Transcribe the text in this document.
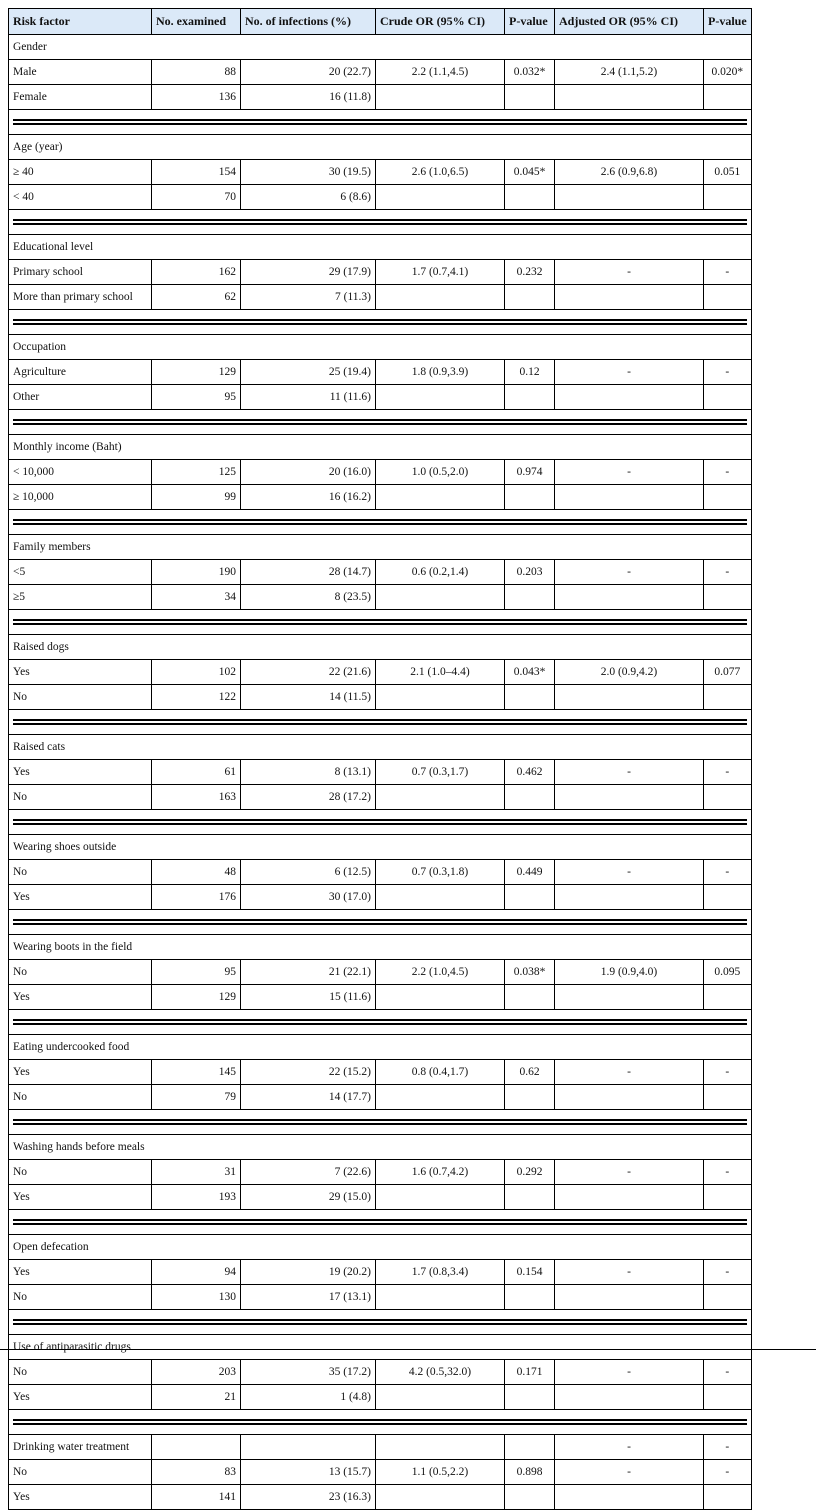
Risk factor	No. examined	No. of infections (%)	Crude OR (95% CI)	P-value	Adjusted OR (95% CI)	P-value
Gender						
Male	88	20 (22.7)	2.2 (1.1,4.5)	0.032*	2.4 (1.1,5.2)	0.020*
Female	136	16 (11.8)				

Age (year)						
≥ 40	154	30 (19.5)	2.6 (1.0,6.5)	0.045*	2.6 (0.9,6.8)	0.051
< 40	70	6 (8.6)				

Educational level						
Primary school	162	29 (17.9)	1.7 (0.7,4.1)	0.232	-	-
More than primary school	62	7 (11.3)				

Occupation						
Agriculture	129	25 (19.4)	1.8 (0.9,3.9)	0.12	-	-
Other	95	11 (11.6)				

Monthly income (Baht)						
< 10,000	125	20 (16.0)	1.0 (0.5,2.0)	0.974	-	-
≥ 10,000	99	16 (16.2)				

Family members						
<5	190	28 (14.7)	0.6 (0.2,1.4)	0.203	-	-
≥5	34	8 (23.5)				

Raised dogs						
Yes	102	22 (21.6)	2.1 (1.0–4.4)	0.043*	2.0 (0.9,4.2)	0.077
No	122	14 (11.5)				

Raised cats						
Yes	61	8 (13.1)	0.7 (0.3,1.7)	0.462	-	-
No	163	28 (17.2)				

Wearing shoes outside						
No	48	6 (12.5)	0.7 (0.3,1.8)	0.449	-	-
Yes	176	30 (17.0)				

Wearing boots in the field						
No	95	21 (22.1)	2.2 (1.0,4.5)	0.038*	1.9 (0.9,4.0)	0.095
Yes	129	15 (11.6)				

Eating undercooked food						
Yes	145	22 (15.2)	0.8 (0.4,1.7)	0.62	-	-
No	79	14 (17.7)				

Washing hands before meals						
No	31	7 (22.6)	1.6 (0.7,4.2)	0.292	-	-
Yes	193	29 (15.0)				

Open defecation						
Yes	94	19 (20.2)	1.7 (0.8,3.4)	0.154	-	-
No	130	17 (13.1)				

Use of antiparasitic drugs						
No	203	35 (17.2)	4.2 (0.5,32.0)	0.171	-	-
Yes	21	1 (4.8)				

Drinking water treatment					-	-
No	83	13 (15.7)	1.1 (0.5,2.2)	0.898	-	-
Yes	141	23 (16.3)				
